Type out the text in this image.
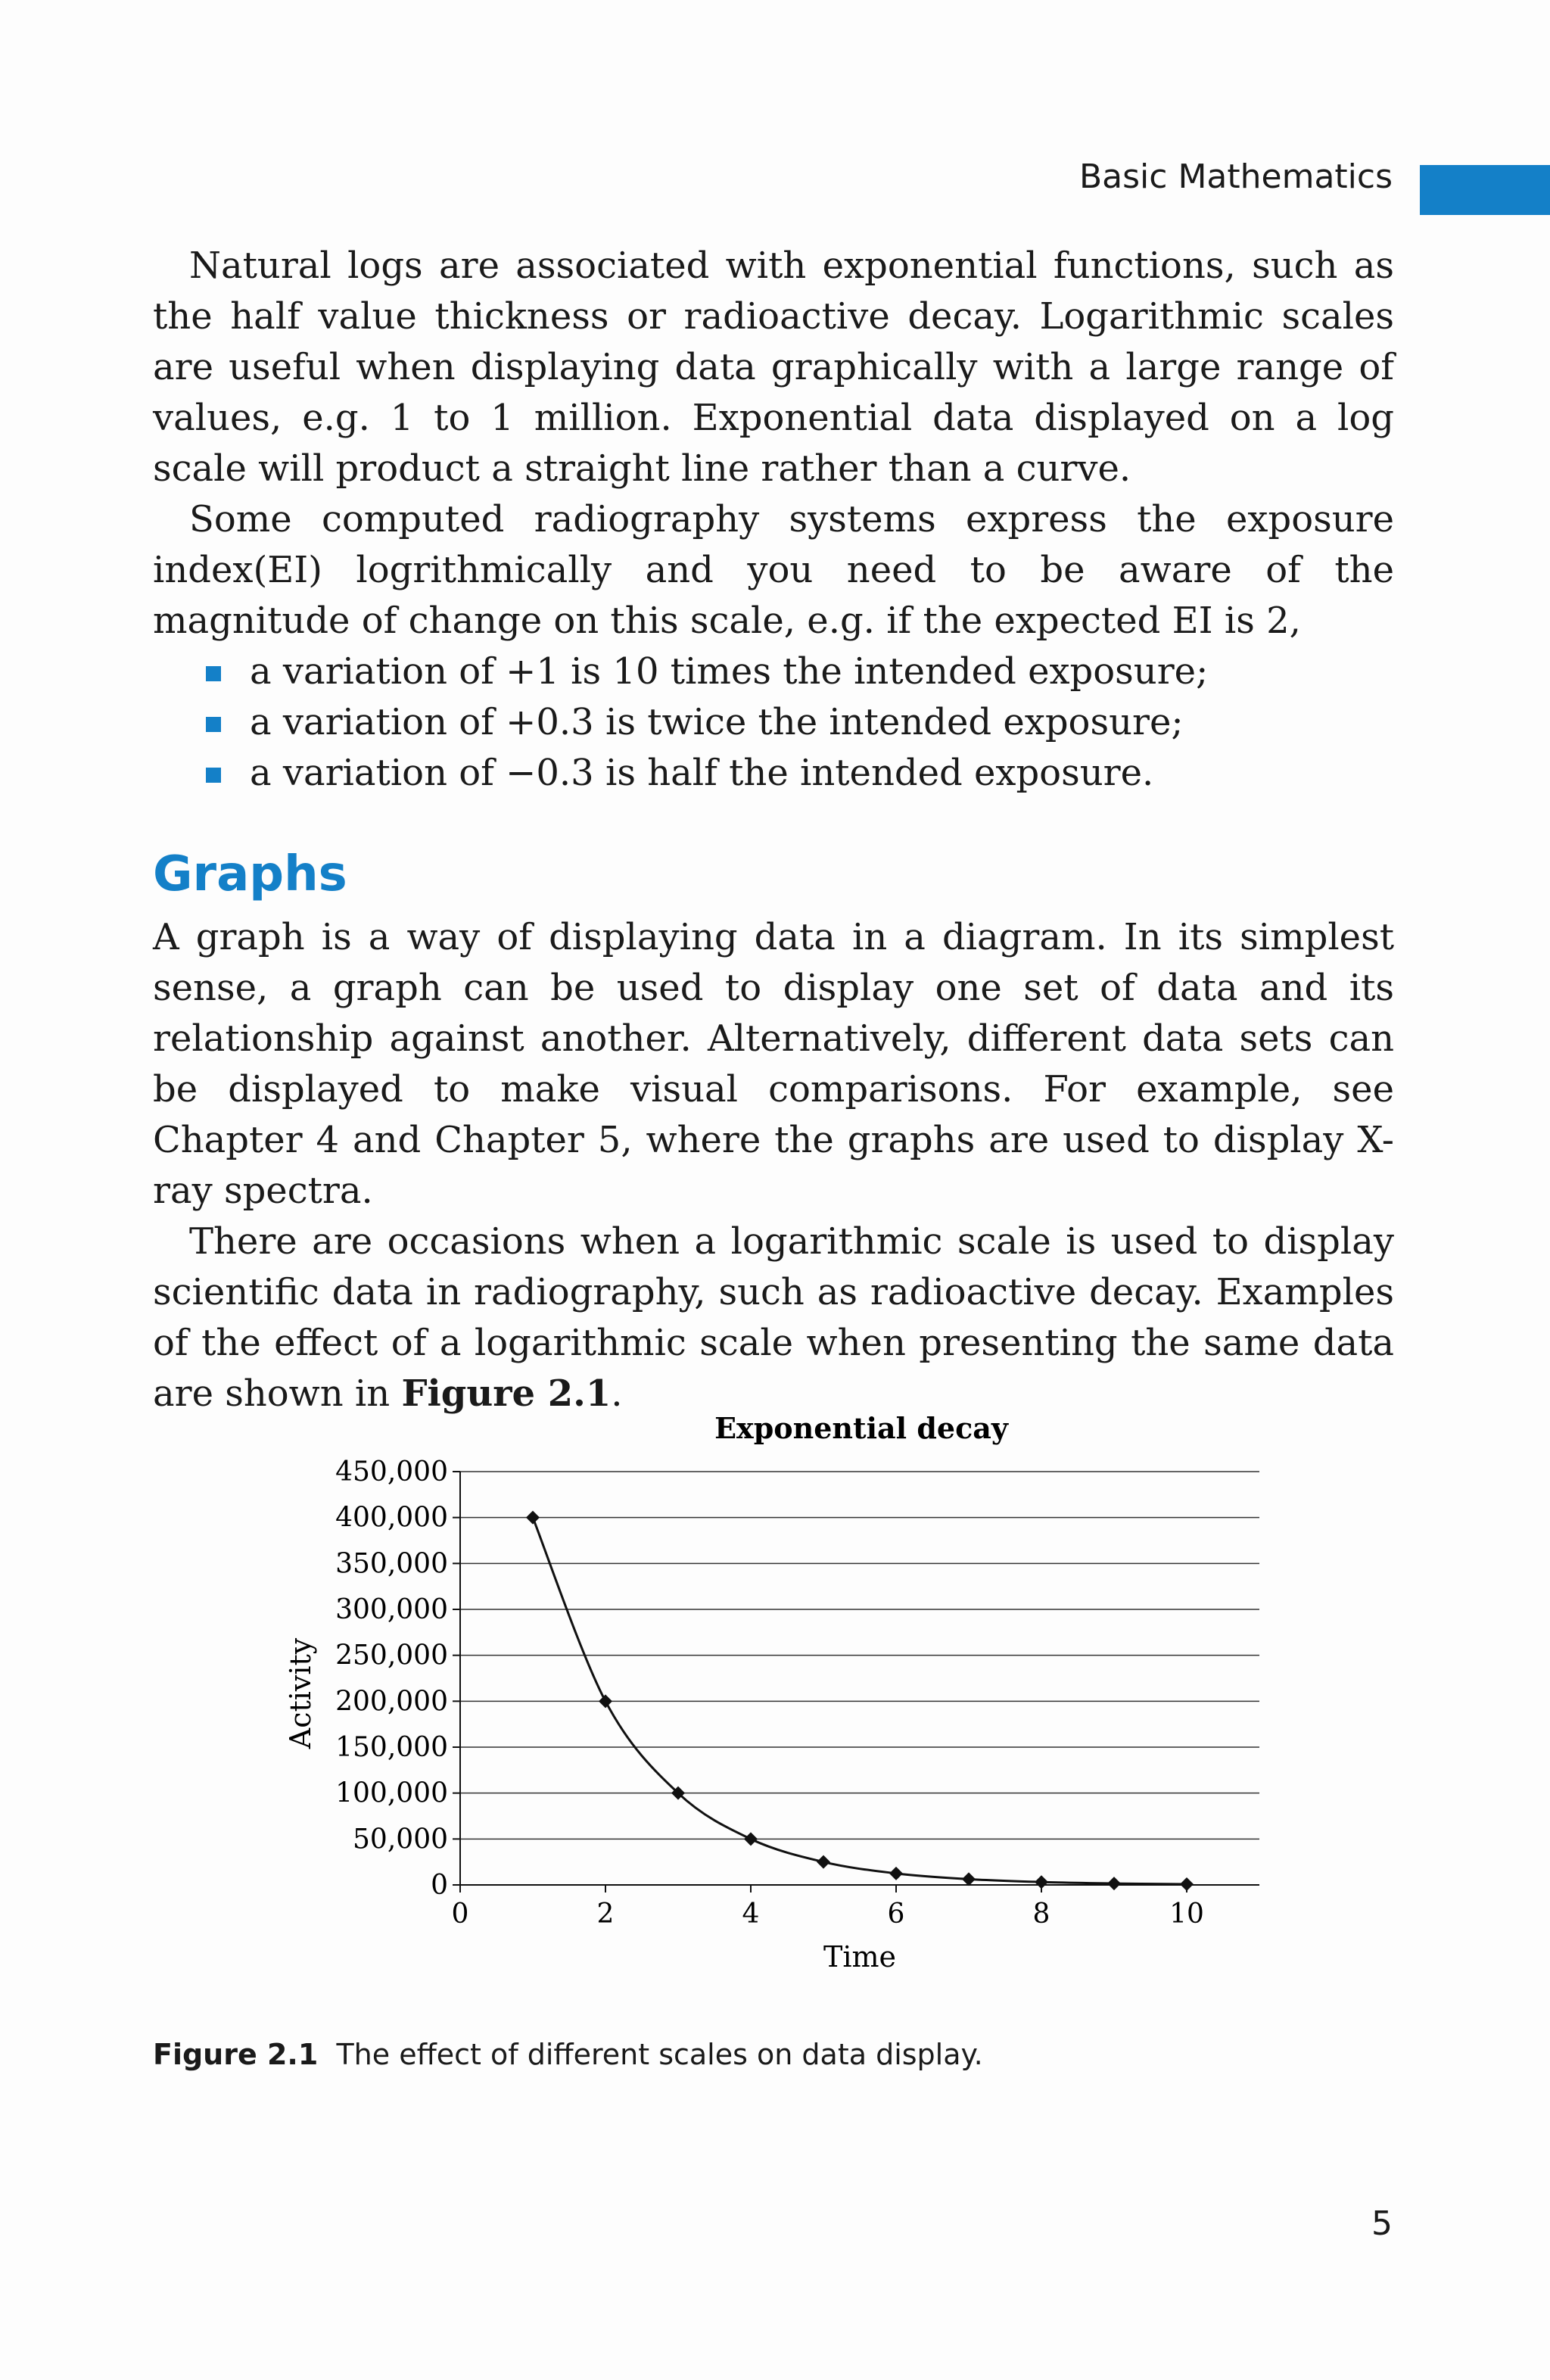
Basic Mathematics

Natural logs are associated with exponential functions, such as the half value thickness or radioactive decay. Logarithmic scales are useful when displaying data graphically with a large range of values, e.g. 1 to 1 million. Exponential data displayed on a log scale will product a straight line rather than a curve.

Some computed radiography systems express the exposure index(EI) logrithmically and you need to be aware of the magnitude of change on this scale, e.g. if the expected EI is 2,

a variation of +1 is 10 times the intended exposure;
a variation of +0.3 is twice the intended exposure;
a variation of −0.3 is half the intended exposure.
Graphs

A graph is a way of displaying data in a diagram. In its simplest sense, a graph can be used to display one set of data and its relationship against another. Alternatively, different data sets can be displayed to make visual comparisons. For example, see Chapter 4 and Chapter 5, where the graphs are used to display X-ray spectra.

There are occasions when a logarithmic scale is used to display scientific data in radiography, such as radioactive decay. Examples of the effect of a logarithmic scale when presenting the same data are shown in Figure 2.1.

Exponential decay
0
50,000
100,000
150,000
200,000
250,000
300,000
350,000
400,000
450,000
0	2	4	6	8	10
Time
Activity
Figure 2.1 The effect of different scales on data display.
5
